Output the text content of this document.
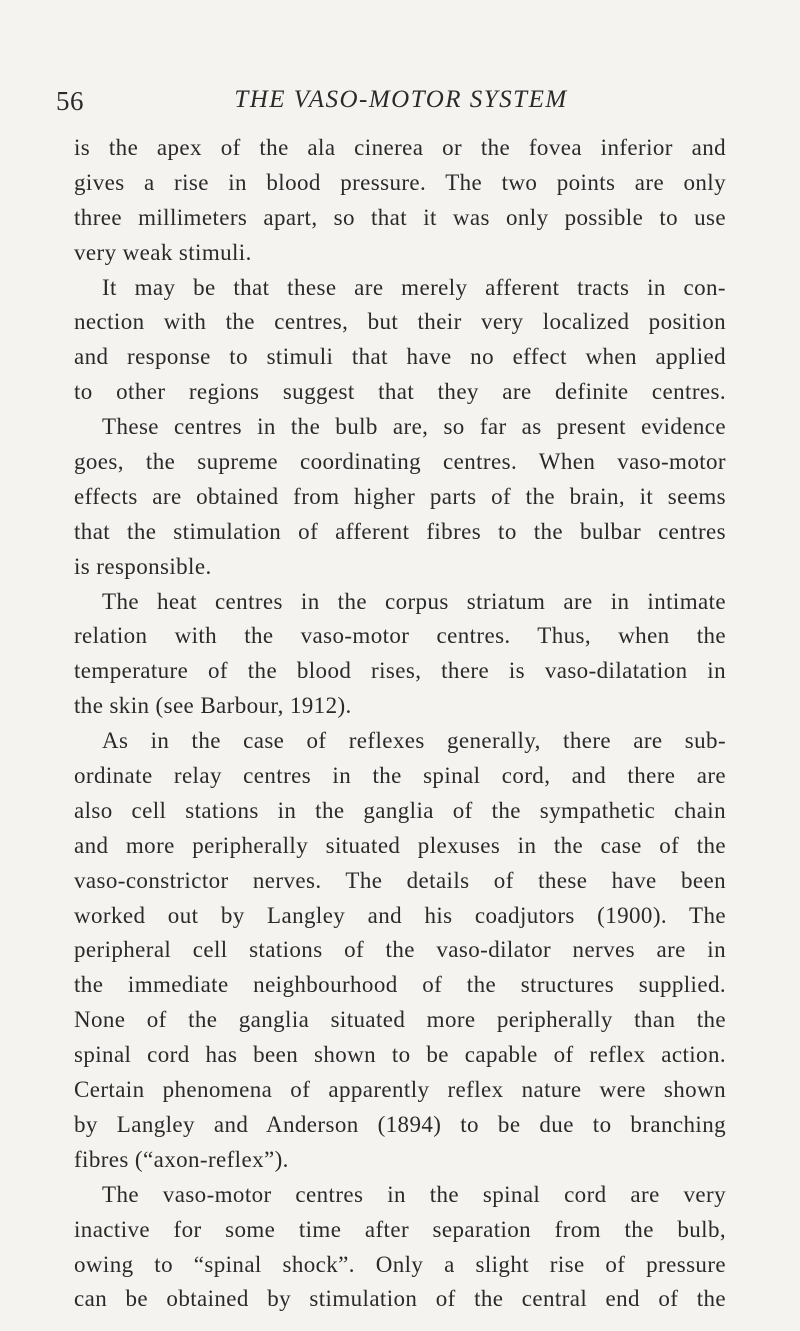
56	THE VASO-MOTOR SYSTEM
is the apex of the ala cinerea or the fovea inferior and
gives a rise in blood pressure. The two points are only
three millimeters apart, so that it was only possible to use
very weak stimuli.
It may be that these are merely afferent tracts in con-
nection with the centres, but their very localized position
and response to stimuli that have no effect when applied
to other regions suggest that they are definite centres.
These centres in the bulb are, so far as present evidence
goes, the supreme coordinating centres. When vaso-motor
effects are obtained from higher parts of the brain, it seems
that the stimulation of afferent fibres to the bulbar centres
is responsible.
The heat centres in the corpus striatum are in intimate
relation with the vaso-motor centres. Thus, when the
temperature of the blood rises, there is vaso-dilatation in
the skin (see Barbour, 1912).
As in the case of reflexes generally, there are sub-
ordinate relay centres in the spinal cord, and there are
also cell stations in the ganglia of the sympathetic chain
and more peripherally situated plexuses in the case of the
vaso-constrictor nerves. The details of these have been
worked out by Langley and his coadjutors (1900). The
peripheral cell stations of the vaso-dilator nerves are in
the immediate neighbourhood of the structures supplied.
None of the ganglia situated more peripherally than the
spinal cord has been shown to be capable of reflex action.
Certain phenomena of apparently reflex nature were shown
by Langley and Anderson (1894) to be due to branching
fibres (“axon-reflex”).
The vaso-motor centres in the spinal cord are very
inactive for some time after separation from the bulb,
owing to “spinal shock”. Only a slight rise of pressure
can be obtained by stimulation of the central end of the
